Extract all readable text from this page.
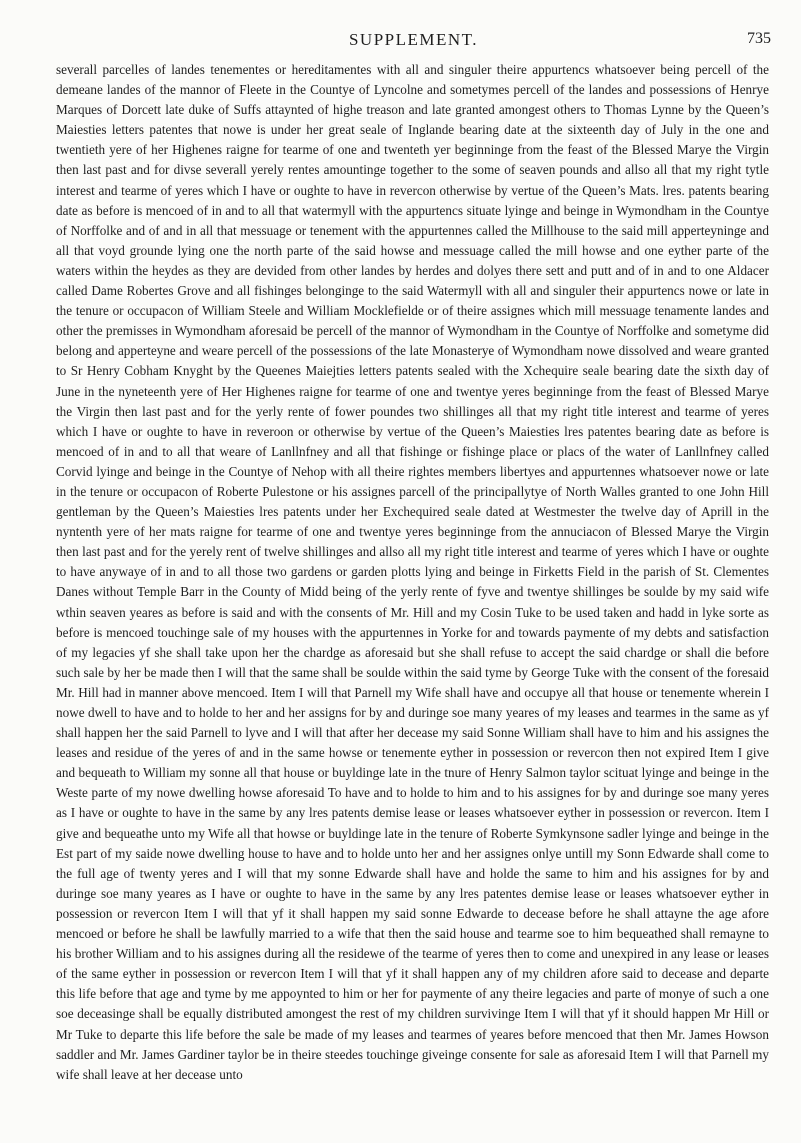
SUPPLEMENT.	735

severall parcelles of landes tenementes or hereditamentes with all and singuler theire appurtencs whatsoever being percell of the demeane landes of the mannor of Fleete in the Countye of Lyncolne and sometymes percell of the landes and possessions of Henrye Marques of Dorcett late duke of Suffs attaynted of highe treason and late granted amongest others to Thomas Lynne by the Queen’s Maiesties letters patentes that nowe is under her great seale of Inglande bearing date at the sixteenth day of July in the one and twentieth yere of her Highenes raigne for tearme of one and twenteth yer beginninge from the feast of the Blessed Marye the Virgin then last past and for divse severall yerely rentes amountinge together to the some of seaven pounds and allso all that my right tytle interest and tearme of yeres which I have or oughte to have in revercon otherwise by vertue of the Queen’s Mats. lres. patents bearing date as before is mencoed of in and to all that watermyll with the appurtencs situate lyinge and beinge in Wymondham in the Countye of Norffolke and of and in all that messuage or tenement with the appurtennes called the Millhouse to the said mill apperteyninge and all that voyd grounde lying one the north parte of the said howse and messuage called the mill howse and one eyther parte of the waters within the heydes as they are devided from other landes by herdes and dolyes there sett and putt and of in and to one Aldacer called Dame Robertes Grove and all fishinges belonginge to the said Watermyll with all and singuler their appurtencs nowe or late in the tenure or occupacon of William Steele and William Mocklefielde or of theire assignes which mill messuage tenamente landes and other the premisses in Wymondham aforesaid be percell of the mannor of Wymondham in the Countye of Norffolke and sometyme did belong and apperteyne and weare percell of the possessions of the late Monasterye of Wymondham nowe dissolved and weare granted to Sr Henry Cobham Knyght by the Queenes Maiejties letters patents sealed with the Xchequire seale bearing date the sixth day of June in the nyneteenth yere of Her Highenes raigne for tearme of one and twentye yeres beginninge from the feast of Blessed Marye the Virgin then last past and for the yerly rente of fower poundes two shillinges all that my right title interest and tearme of yeres which I have or oughte to have in reveroon or otherwise by vertue of the Queen’s Maiesties lres patentes bearing date as before is mencoed of in and to all that weare of Lanllnfney and all that fishinge or fishinge place or placs of the water of Lanllnfney called Corvid lyinge and beinge in the Countye of Nehop with all theire rightes members libertyes and appurtennes whatsoever nowe or late in the tenure or occupacon of Roberte Pulestone or his assignes parcell of the principallytye of North Walles granted to one John Hill gentleman by the Queen’s Maiesties lres patents under her Exchequired seale dated at Westmester the twelve day of Aprill in the nyntenth yere of her mats raigne for tearme of one and twentye yeres beginninge from the annuciacon of Blessed Marye the Virgin then last past and for the yerely rent of twelve shillinges and allso all my right title interest and tearme of yeres which I have or oughte to have anywaye of in and to all those two gardens or garden plotts lying and beinge in Firketts Field in the parish of St. Clementes Danes without Temple Barr in the County of Midd being of the yerly rente of fyve and twentye shillinges be soulde by my said wife wthin seaven yeares as before is said and with the consents of Mr. Hill and my Cosin Tuke to be used taken and hadd in lyke sorte as before is mencoed touchinge sale of my houses with the appurtennes in Yorke for and towards paymente of my debts and satisfaction of my legacies yf she shall take upon her the chardge as aforesaid but she shall refuse to accept the said chardge or shall die before such sale by her be made then I will that the same shall be soulde within the said tyme by George Tuke with the consent of the foresaid Mr. Hill had in manner above mencoed. Item I will that Parnell my Wife shall have and occupye all that house or tenemente wherein I nowe dwell to have and to holde to her and her assigns for by and duringe soe many yeares of my leases and tearmes in the same as yf shall happen her the said Parnell to lyve and I will that after her decease my said Sonne William shall have to him and his assignes the leases and residue of the yeres of and in the same howse or tenemente eyther in possession or revercon then not expired Item I give and bequeath to William my sonne all that house or buyldinge late in the tnure of Henry Salmon taylor scituat lyinge and beinge in the Weste parte of my nowe dwelling howse aforesaid To have and to holde to him and to his assignes for by and duringe soe many yeres as I have or oughte to have in the same by any lres patents demise lease or leases whatsoever eyther in possession or revercon. Item I give and bequeathe unto my Wife all that howse or buyldinge late in the tenure of Roberte Symkynsone sadler lyinge and beinge in the Est part of my saide nowe dwelling house to have and to holde unto her and her assignes onlye untill my Sonn Edwarde shall come to the full age of twenty yeres and I will that my sonne Edwarde shall have and holde the same to him and his assignes for by and duringe soe many yeares as I have or oughte to have in the same by any lres patentes demise lease or leases whatsoever eyther in possession or revercon Item I will that yf it shall happen my said sonne Edwarde to decease before he shall attayne the age afore mencoed or before he shall be lawfully married to a wife that then the said house and tearme soe to him bequeathed shall remayne to his brother William and to his assignes during all the residewe of the tearme of yeres then to come and unexpired in any lease or leases of the same eyther in possession or revercon Item I will that yf it shall happen any of my children afore said to decease and departe this life before that age and tyme by me appoynted to him or her for paymente of any theire legacies and parte of monye of such a one soe deceasinge shall be equally distributed amongest the rest of my children survivinge Item I will that yf it should happen Mr Hill or Mr Tuke to departe this life before the sale be made of my leases and tearmes of yeares before mencoed that then Mr. James Howson saddler and Mr. James Gardiner taylor be in theire steedes touchinge giveinge consente for sale as aforesaid Item I will that Parnell my wife shall leave at her decease unto
